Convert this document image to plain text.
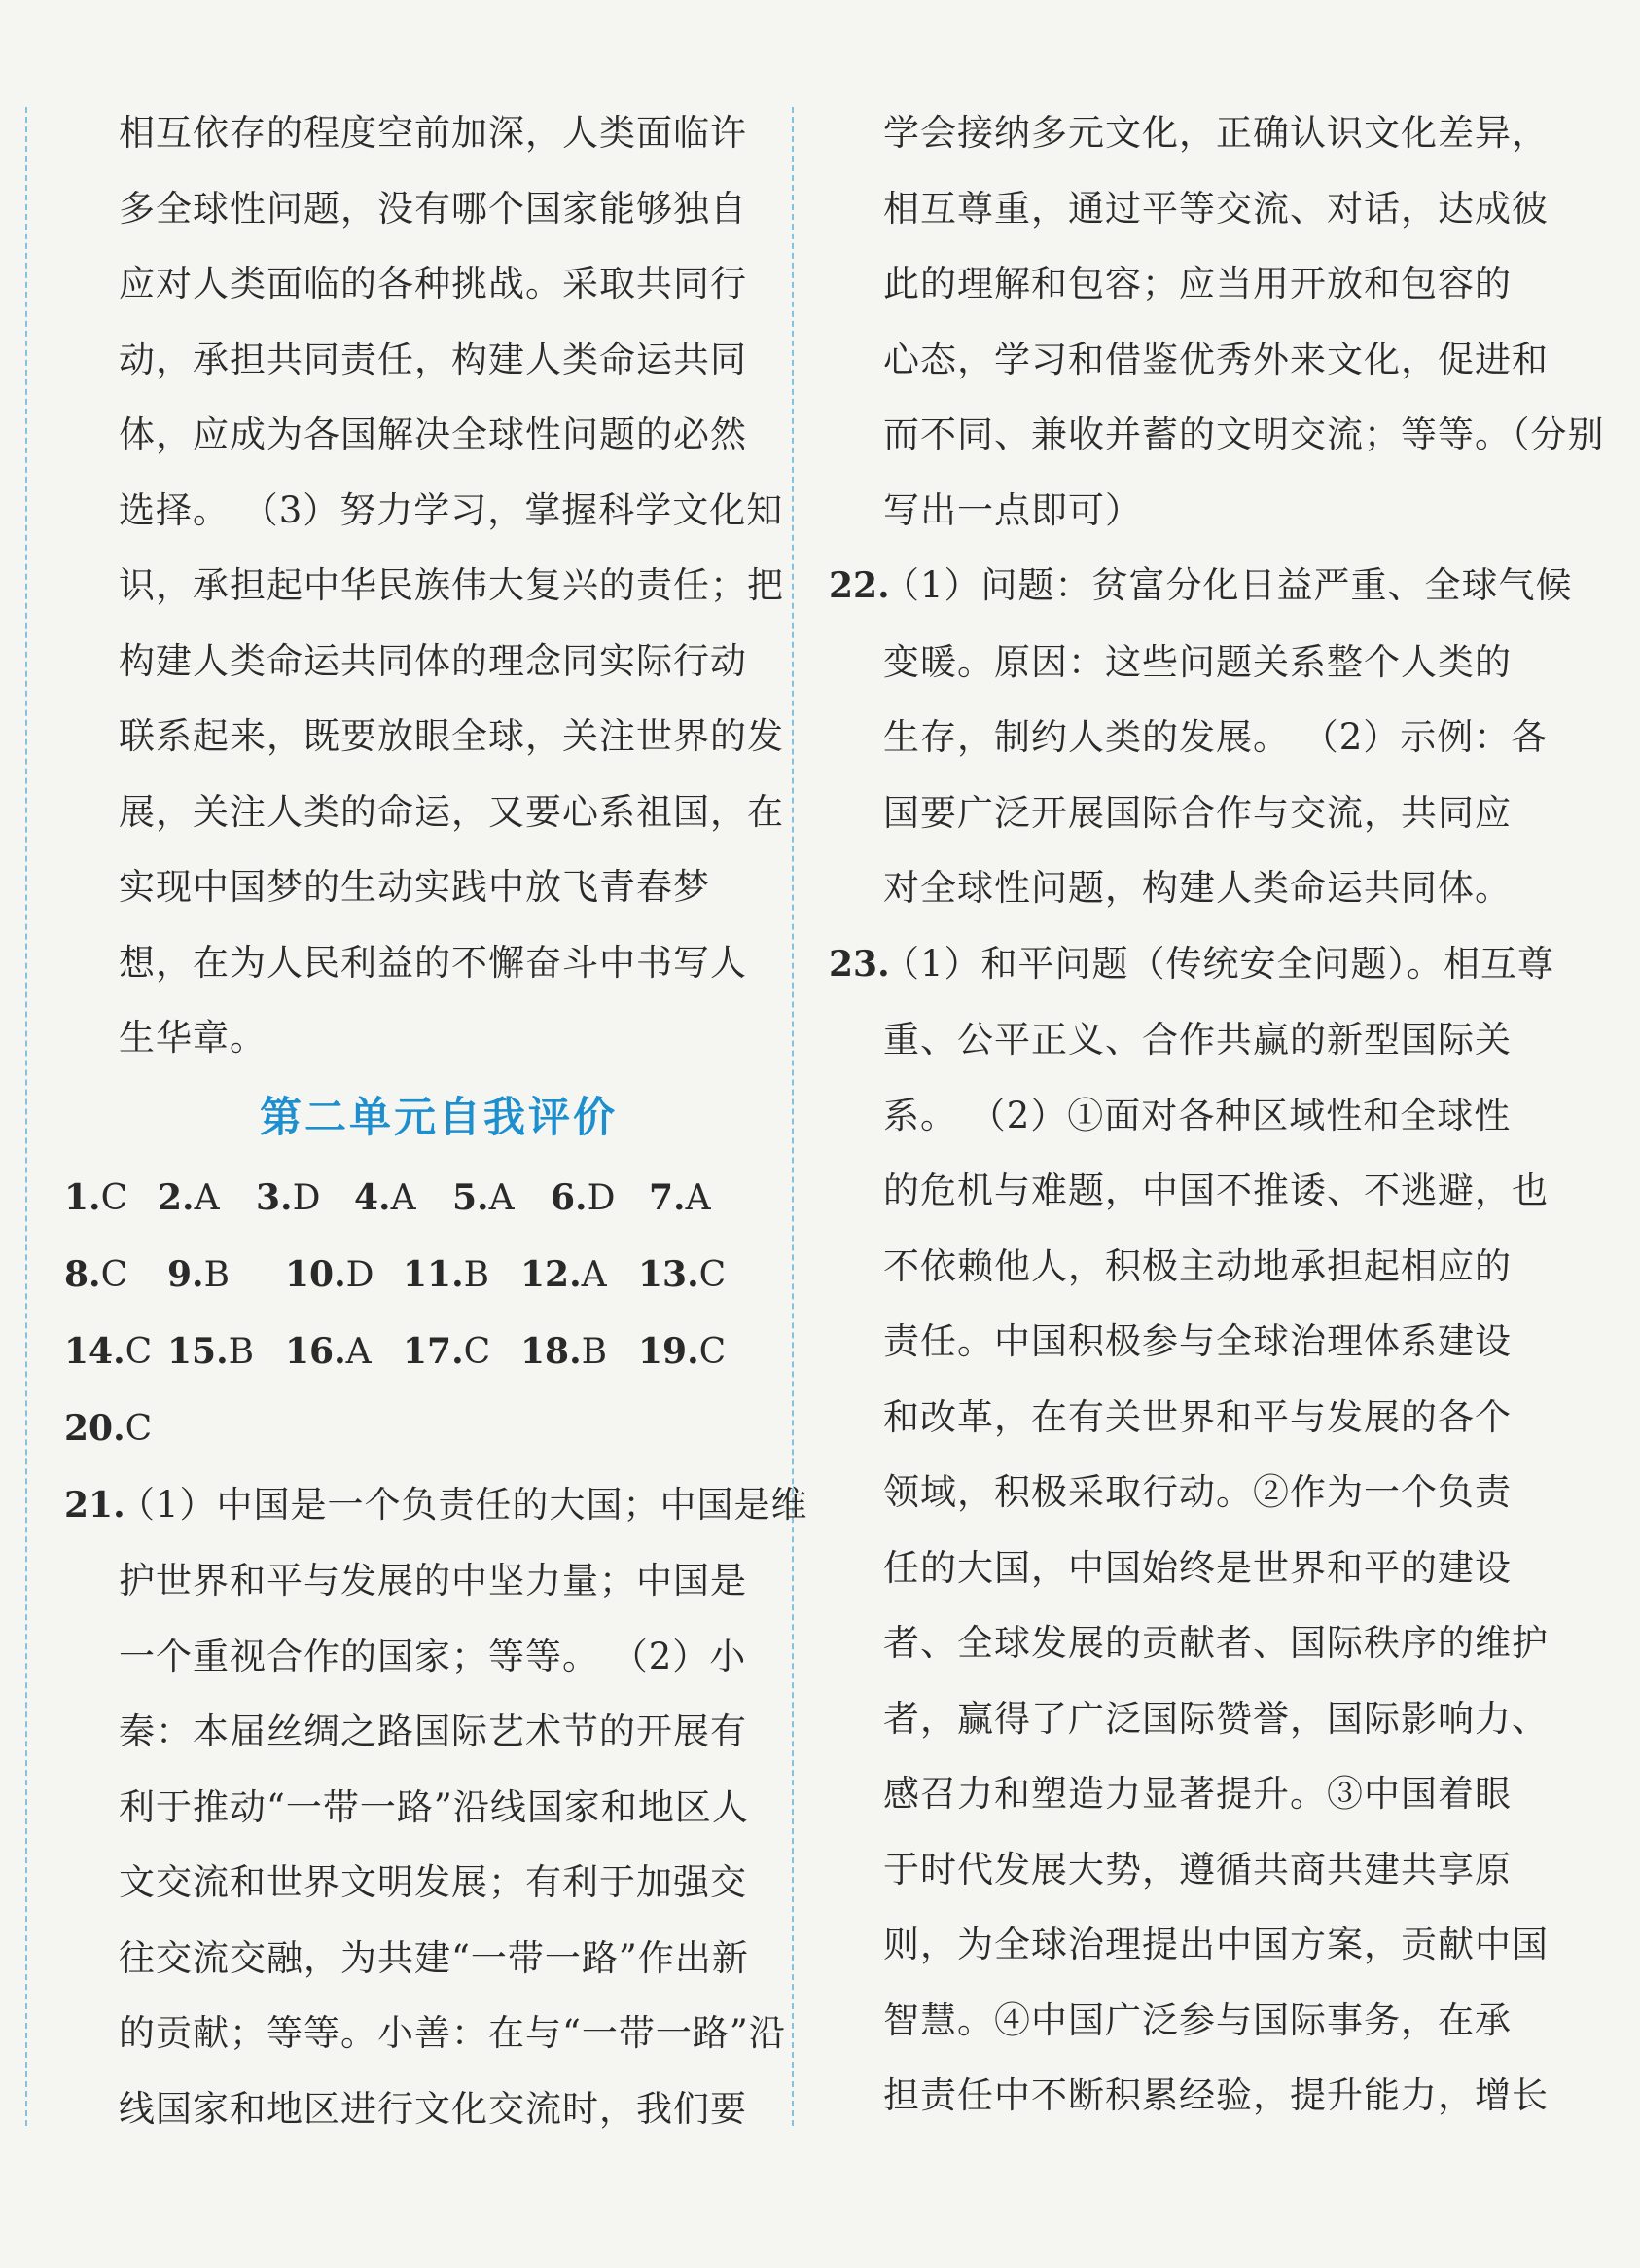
相互依存的程度空前加深，人类面临许
多全球性问题，没有哪个国家能够独自
应对人类面临的各种挑战。采取共同行
动，承担共同责任，构建人类命运共同
体，应成为各国解决全球性问题的必然
选择。 （3）努力学习，掌握科学文化知
识，承担起中华民族伟大复兴的责任；把
构建人类命运共同体的理念同实际行动
联系起来，既要放眼全球，关注世界的发
展，关注人类的命运，又要心系祖国，在
实现中国梦的生动实践中放飞青春梦
想，在为人民利益的不懈奋斗中书写人
生华章。
第二单元自我评价
1.C 2.A	3.D 4.A	5.A	6.D 7.A
8.C	9.B	10.D 11.B 12.A 13.C
14.C 15.B 16.A 17.C 18.B 19.C
20.C
21.（1）中国是一个负责任的大国；中国是维
护世界和平与发展的中坚力量；中国是
一个重视合作的国家；等等。 （2）小
秦：本届丝绸之路国际艺术节的开展有
利于推动“一带一路”沿线国家和地区人
文交流和世界文明发展；有利于加强交
往交流交融，为共建“一带一路”作出新
的贡献；等等。小善：在与“一带一路”沿
线国家和地区进行文化交流时，我们要
学会接纳多元文化，正确认识文化差异，
相互尊重，通过平等交流、对话，达成彼
此的理解和包容；应当用开放和包容的
心态，学习和借鉴优秀外来文化，促进和
而不同、兼收并蓄的文明交流；等等。（分别
写出一点即可）
22.（1）问题：贫富分化日益严重、全球气候
变暖。原因：这些问题关系整个人类的
生存，制约人类的发展。 （2）示例：各
国要广泛开展国际合作与交流，共同应
对全球性问题，构建人类命运共同体。
23.（1）和平问题（传统安全问题）。相互尊
重、公平正义、合作共赢的新型国际关
系。 （2）①面对各种区域性和全球性
的危机与难题，中国不推诿、不逃避，也
不依赖他人，积极主动地承担起相应的
责任。中国积极参与全球治理体系建设
和改革，在有关世界和平与发展的各个
领域，积极采取行动。②作为一个负责
任的大国，中国始终是世界和平的建设
者、全球发展的贡献者、国际秩序的维护
者，赢得了广泛国际赞誉，国际影响力、
感召力和塑造力显著提升。③中国着眼
于时代发展大势，遵循共商共建共享原
则，为全球治理提出中国方案，贡献中国
智慧。④中国广泛参与国际事务，在承
担责任中不断积累经验，提升能力，增长
